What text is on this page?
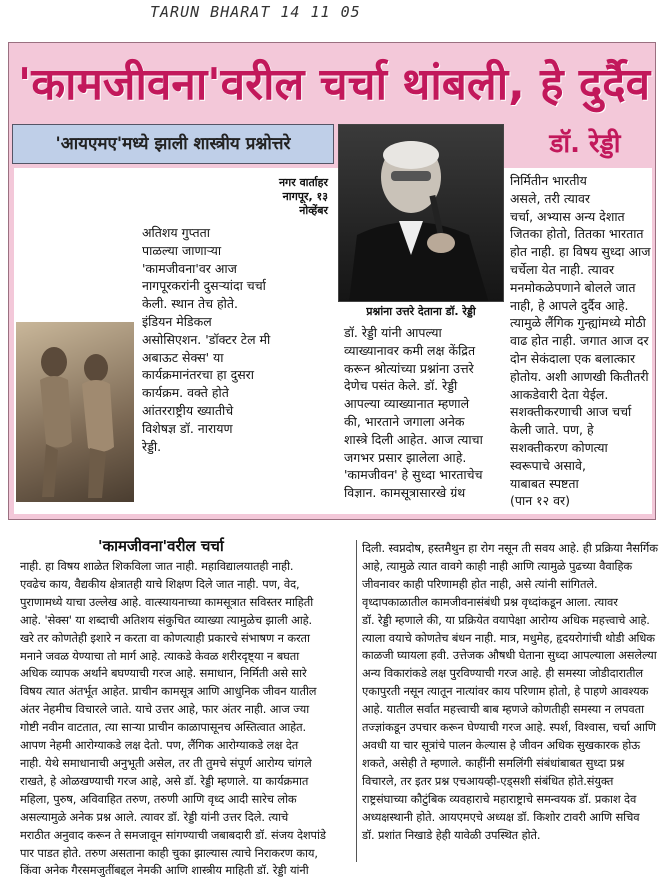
TARUN BHARAT 14 11 05
'कामजीवना'वरील चर्चा थांबली, हे दुर्दैव
'आयएमए'मध्ये झाली शास्त्रीय प्रश्नोत्तरे	डॉ. रेड्डी
नगर वार्ताहर
नागपूर, १३
नोव्हेंबर
अतिशय गुप्तता
पाळल्या जाणाऱ्या
'कामजीवना'वर आज
नागपूरकरांनी दुसऱ्यांदा चर्चा
केली. स्थान तेच होते.
इंडियन मेडिकल
असोसिएशन. 'डॉक्टर टेल मी
अबाऊट सेक्स' या
कार्यक्रमानंतरचा हा दुसरा
कार्यक्रम. वक्ते होते
आंतरराष्ट्रीय ख्यातीचे
विशेषज्ञ डॉ. नारायण
रेड्डी.
प्रश्नांना उत्तरे देताना डॉ. रेड्डी
डॉ. रेड्डी यांनी आपल्या
व्याख्यानावर कमी लक्ष केंद्रित
करून श्रोत्यांच्या प्रश्नांना उत्तरे
देणेच पसंत केले. डॉ. रेड्डी
आपल्या व्याख्यानात म्हणाले
की, भारताने जगाला अनेक
शास्त्रे दिली आहेत. आज त्याचा
जगभर प्रसार झालेला आहे.
'कामजीवन' हे सुध्दा भारताचेच
विज्ञान. कामसूत्रासारखे ग्रंथ
निर्मितीन भारतीय
असले, तरी त्यावर
चर्चा, अभ्यास अन्य देशात
जितका होतो, तितका भारतात
होत नाही. हा विषय सुध्दा आज
चर्चेला येत नाही. त्यावर
मनमोकळेपणाने बोलले जात
नाही, हे आपले दुर्दैव आहे.
त्यामुळे लैंगिक गुन्ह्यांमध्ये मोठी
वाढ होत नाही. जगात आज दर
दोन सेकंदाला एक बलात्कार
होतोय. अशी आणखी कितीतरी
आकडेवारी देता येईल.
सशक्तीकरणाची आज चर्चा
केली जाते. पण, हे
सशक्तीकरण कोणत्या
स्वरूपाचे असावे,
याबाबत स्पष्टता
(पान १२ वर)
'कामजीवना'वरील चर्चा
नाही. हा विषय शाळेत शिकविला जात नाही. महाविद्यालयातही नाही.
एवढेच काय, वैद्यकीय क्षेत्रातही याचे शिक्षण दिले जात नाही. पण, वेद,
पुराणामध्ये याचा उल्लेख आहे. वात्स्यायनाच्या कामसूत्रात सविस्तर माहिती
आहे. 'सेक्स' या शब्दाची अतिशय संकुचित व्याख्या त्यामुळेच झाली आहे.
खरे तर कोणतेही इशारे न करता वा कोणत्याही प्रकारचे संभाषण न करता
मनाने जवळ येण्याचा तो मार्ग आहे. त्याकडे केवळ शरीरदृष्ट्या न बघता
अधिक व्यापक अर्थाने बघण्याची गरज आहे. समाधान, निर्मिती असे सारे
विषय त्यात अंतर्भूत आहेत. प्राचीन कामसूत्र आणि आधुनिक जीवन यातील
अंतर नेहमीच विचारले जाते. याचे उत्तर आहे, फार अंतर नाही. आज ज्या
गोष्टी नवीन वाटतात, त्या साऱ्या प्राचीन काळापासूनच अस्तित्वात आहेत.
आपण नेहमी आरोग्याकडे लक्ष देतो. पण, लैंगिक आरोग्याकडे लक्ष देत
नाही. येथे समाधानाची अनुभूती असेल, तर ती तुमचे संपूर्ण आरोग्य चांगले
राखते, हे ओळखण्याची गरज आहे, असे डॉ. रेड्डी म्हणाले. या कार्यक्रमात
महिला, पुरुष, अविवाहित तरुण, तरुणी आणि वृध्द आदी सारेच लोक
असल्यामुळे अनेक प्रश्न आले. त्यावर डॉ. रेड्डी यांनी उत्तर दिले. त्याचे
मराठीत अनुवाद करून ते समजावून सांगण्याची जबाबदारी डॉ. संजय देशपांडे
पार पाडत होते. तरुण असताना काही चुका झाल्यास त्याचे निराकरण काय,
किंवा अनेक गैरसमजुतींबद्दल नेमकी आणि शास्त्रीय माहिती डॉ. रेड्डी यांनी
दिली. स्वप्नदोष, हस्तमैथुन हा रोग नसून ती सवय आहे. ही प्रक्रिया नैसर्गिक
आहे, त्यामुळे त्यात वावगे काही नाही आणि त्यामुळे पुढच्या वैवाहिक
जीवनावर काही परिणामही होत नाही, असे त्यांनी सांगितले.
वृध्दापकाळातील कामजीवनासंबंधी प्रश्न वृध्दांकडून आला. त्यावर
डॉ. रेड्डी म्हणाले की, या प्रक्रियेत वयापेक्षा आरोग्य अधिक महत्त्वाचे आहे.
त्याला वयाचे कोणतेच बंधन नाही. मात्र, मधुमेह, हृदयरोगांची थोडी अधिक
काळजी घ्यायला हवी. उत्तेजक औषधी घेताना सुध्दा आपल्याला असलेल्या
अन्य विकारांकडे लक्ष पुरविण्याची गरज आहे. ही समस्या जोडीदारातील
एकापुरती नसून त्यातून नात्यांवर काय परिणाम होतो, हे पाहणे आवश्यक
आहे. यातील सर्वात महत्त्वाची बाब म्हणजे कोणतीही समस्या न लपवता
तज्ज्ञांकडून उपचार करून घेण्याची गरज आहे. स्पर्श, विश्वास, चर्चा आणि
अवधी या चार सूत्रांचे पालन केल्यास हे जीवन अधिक सुखकारक होऊ
शकते, असेही ते म्हणाले. काहींनी समलिंगी संबंधांबाबत सुध्दा प्रश्न
विचारले, तर इतर प्रश्न एचआयव्ही-एड्सशी संबंधित होते.संयुक्त
राष्ट्रसंघाच्या कौटुंबिक व्यवहाराचे महाराष्ट्राचे समन्वयक डॉ. प्रकाश देव
अध्यक्षस्थानी होते. आयएमएचे अध्यक्ष डॉ. किशोर टावरी आणि सचिव
डॉ. प्रशांत निखाडे हेही यावेळी उपस्थित होते.
